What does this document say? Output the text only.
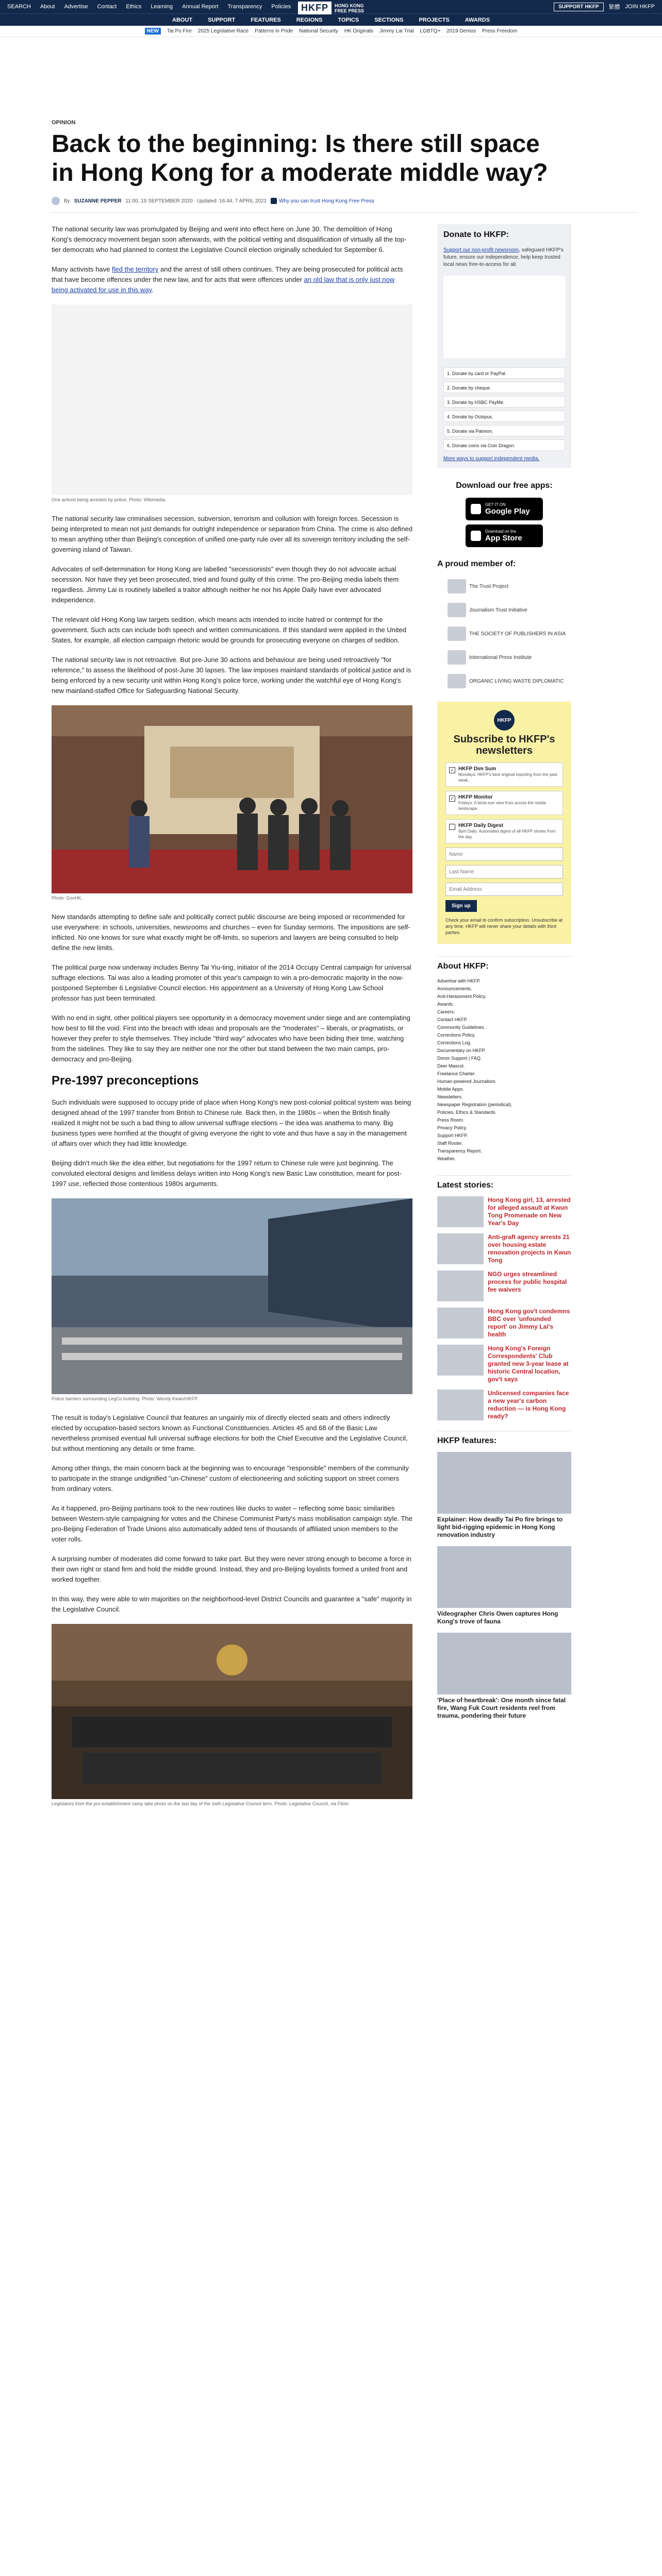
SEARCH About Advertise Contact Ethics Learning Annual Report Transparency Policies	HKFP	HONG KONG
FREE PRESS
SUPPORT HKFP	繁體 JOIN HKFP
ABOUT	SUPPORT	FEATURES	REGIONS	TOPICS	SECTIONS	PROJECTS	AWARDS
NEW	Tai Po Fire 2025 Legislative Race Patterns in Pride National Security HK Originals Jimmy Lai Trial LGBTQ+ 2019 Demos Press Freedom
OPINION
Back to the beginning: Is there still space in Hong Kong for a moderate middle way?
By SUZANNE PEPPER 11:00, 19 SEPTEMBER 2020 Updated: 16:44, 7 APRIL 2021 Why you can trust Hong Kong Free Press

The national security law was promulgated by Beijing and went into effect here on June 30. The demolition of Hong Kong's democracy movement began soon afterwards, with the political vetting and disqualification of virtually all the top-tier democrats who had planned to contest the Legislative Council election originally scheduled for September 6.

Many activists have fled the territory and the arrest of still others continues. They are being prosecuted for political acts that have become offences under the new law, and for acts that were offences under an old law that is only just now being activated for use in this way.

One activist being arrested by police. Photo: Wikimedia.

The national security law criminalises secession, subversion, terrorism and collusion with foreign forces. Secession is being interpreted to mean not just demands for outright independence or separation from China. The crime is also defined to mean anything other than Beijing's conception of unified one-party rule over all its sovereign territory including the self-governing island of Taiwan.

Advocates of self-determination for Hong Kong are labelled "secessionists" even though they do not advocate actual secession. Nor have they yet been prosecuted, tried and found guilty of this crime. The pro-Beijing media labels them regardless. Jimmy Lai is routinely labelled a traitor although neither he nor his Apple Daily have ever advocated independence.

The relevant old Hong Kong law targets sedition, which means acts intended to incite hatred or contempt for the government. Such acts can include both speech and written communications. If this standard were applied in the United States, for example, all election campaign rhetoric would be grounds for prosecuting everyone on charges of sedition.

The national security law is not retroactive. But pre-June 30 actions and behaviour are being used retroactively "for reference," to assess the likelihood of post-June 30 lapses. The law imposes mainland standards of political justice and is being enforced by a new security unit within Hong Kong's police force, working under the watchful eye of Hong Kong's new mainland-staffed Office for Safeguarding National Security.

Photo: GovHK.

New standards attempting to define safe and politically correct public discourse are being imposed or recommended for use everywhere: in schools, universities, newsrooms and churches – even for Sunday sermons. The impositions are self-inflicted. No one knows for sure what exactly might be off-limits, so superiors and lawyers are being consulted to help define the new limits.

The political purge now underway includes Benny Tai Yiu-ting, initiator of the 2014 Occupy Central campaign for universal suffrage elections. Tai was also a leading promoter of this year's campaign to win a pro-democratic majority in the now-postponed September 6 Legislative Council election. His appointment as a University of Hong Kong Law School professor has just been terminated.

With no end in sight, other political players see opportunity in a democracy movement under siege and are contemplating how best to fill the void. First into the breach with ideas and proposals are the "moderates" – liberals, or pragmatists, or however they prefer to style themselves. They include "third way" advocates who have been biding their time, watching from the sidelines. They like to say they are neither one nor the other but stand between the two main camps, pro-democracy and pro-Beijing.

Pre-1997 preconceptions

Such individuals were supposed to occupy pride of place when Hong Kong's new post-colonial political system was being designed ahead of the 1997 transfer from British to Chinese rule. Back then, in the 1980s – when the British finally realized it might not be such a bad thing to allow universal suffrage elections – the idea was anathema to many. Big business types were horrified at the thought of giving everyone the right to vote and thus have a say in the management of affairs over which they had little knowledge.

Beijing didn't much like the idea either, but negotiations for the 1997 return to Chinese rule were just beginning. The convoluted electoral designs and limitless delays written into Hong Kong's new Basic Law constitution, meant for post-1997 use, reflected those contentious 1980s arguments.

Police barriers surrounding LegCo building. Photo: Wendy Kwan/HKFP.

The result is today's Legislative Council that features an ungainly mix of directly elected seats and others indirectly elected by occupation-based sectors known as Functional Constituencies. Articles 45 and 68 of the Basic Law nevertheless promised eventual full universal suffrage elections for both the Chief Executive and the Legislative Council, but without mentioning any details or time frame.

Among other things, the main concern back at the beginning was to encourage "responsible" members of the community to participate in the strange undignified "un-Chinese" custom of electioneering and soliciting support on street corners from ordinary voters.

As it happened, pro-Beijing partisans took to the new routines like ducks to water – reflecting some basic similarities between Western-style campaigning for votes and the Chinese Communist Party's mass mobilisation campaign style. The pro-Beijing Federation of Trade Unions also automatically added tens of thousands of affiliated union members to the voter rolls.

A surprising number of moderates did come forward to take part. But they were never strong enough to become a force in their own right or stand firm and hold the middle ground. Instead, they and pro-Beijing loyalists formed a united front and worked together.

In this way, they were able to win majorities on the neighborhood-level District Councils and guarantee a "safe" majority in the Legislative Council.

Legislators from the pro-establishment camp take photo on the last day of the sixth Legislative Council term. Photo: Legislative Council, via Flickr.
Donate to HKFP:
Support our non-profit newsroom, safeguard HKFP's future, ensure our independence, help keep trusted local news free-to-access for all.
1. Donate by card or PayPal.
2. Donate by cheque.
3. Donate by HSBC PayMe.
4. Donate by Octopus.
5. Donate via Patreon.
6. Donate coins via Coin Dragon.
More ways to support independent media.
Download our free apps:
GET IT ON
Google Play
Download on the
App Store
A proud member of:
The Trust Project
Journalism Trust Initiative
THE SOCIETY OF PUBLISHERS IN ASIA
International Press Institute
ORGANIC LIVING WASTE DIPLOMATIC
HKFP
Subscribe to HKFP's newsletters
✓ HKFP Dim Sum
Mondays: HKFP's best original reporting from the past week.
✓ HKFP Monitor
Fridays: A birds-eye view from across the media landscape.
HKFP Daily Digest
9pm Daily: Automated digest of all HKFP stories from the day.
Name Last Name Email Address Sign up
Check your email to confirm subscription. Unsubscribe at any time. HKFP will never share your details with third parties.
About HKFP:
Advertise with HKFP.
Announcements.
Anti-Harassment Policy.
Awards.
Careers.
Contact HKFP.
Community Guidelines.
Corrections Policy.
Corrections Log.
Documentary on HKFP.
Donor Support | FAQ.
Deer Mascot.
Freelance Charter.
Human-powered Journalism.
Mobile Apps.
Newsletters.
Newspaper Registration (periodical).
Policies, Ethics & Standards.
Press Room.
Privacy Policy.
Support HKFP.
Staff Roster.
Transparency Report.
Weather.
Latest stories:
Hong Kong girl, 13, arrested for alleged assault at Kwun Tong Promenade on New Year's Day
Anti-graft agency arrests 21 over housing estate renovation projects in Kwun Tong
NGO urges streamlined process for public hospital fee waivers
Hong Kong gov't condemns BBC over 'unfounded report' on Jimmy Lai's health
Hong Kong's Foreign Correspondents' Club granted new 3-year lease at historic Central location, gov't says
Unlicensed companies face a new year's carbon reduction — is Hong Kong ready?
HKFP features:
Explainer: How deadly Tai Po fire brings to light bid-rigging epidemic in Hong Kong renovation industry
Videographer Chris Owen captures Hong Kong's trove of fauna
'Place of heartbreak': One month since fatal fire, Wang Fuk Court residents reel from trauma, pondering their future
